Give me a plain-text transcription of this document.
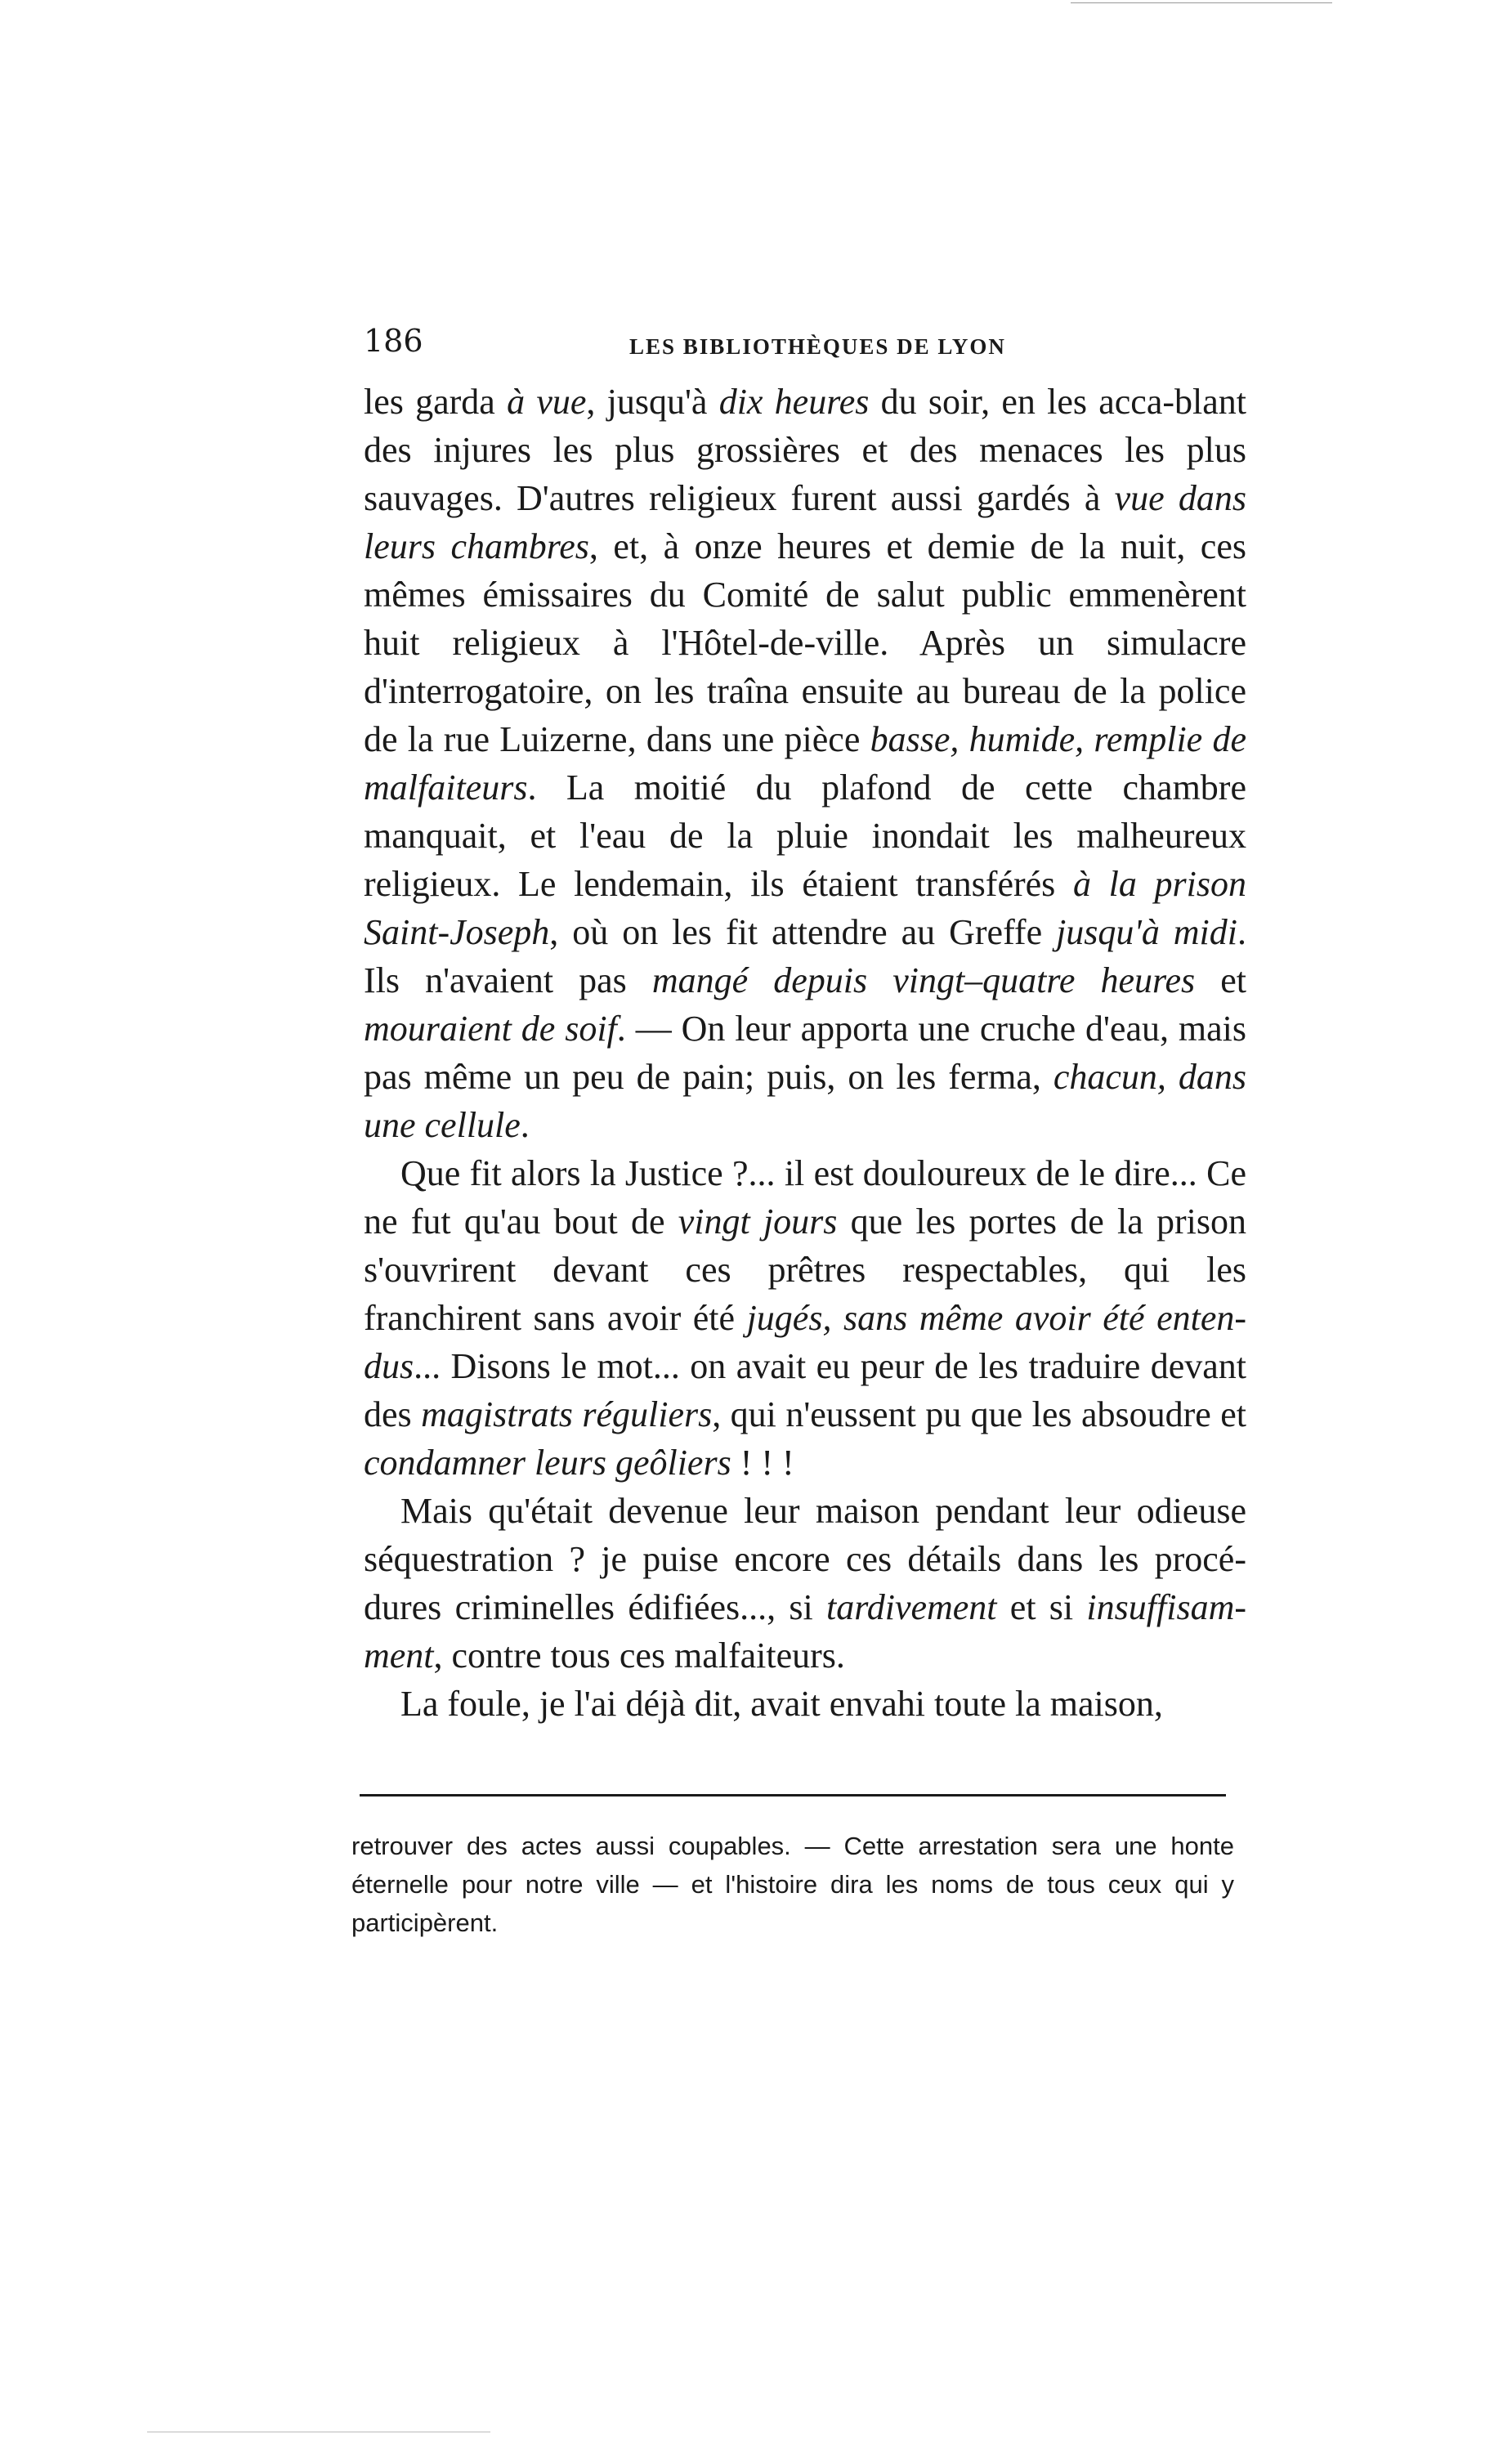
186	LES BIBLIOTHÈQUES DE LYON

les garda à vue, jusqu'à dix heures du soir, en les acca-blant des injures les plus grossières et des menaces les plus sauvages. D'autres religieux furent aussi gardés à vue dans leurs chambres, et, à onze heures et demie de la nuit, ces mêmes émissaires du Comité de salut public emmenèrent huit religieux à l'Hôtel-de-ville. Après un simulacre d'interrogatoire, on les traîna ensuite au bureau de la police de la rue Luizerne, dans une pièce basse, humide, remplie de malfaiteurs. La moitié du plafond de cette chambre manquait, et l'eau de la pluie inondait les malheureux religieux. Le lendemain, ils étaient transférés à la prison Saint-Joseph, où on les fit attendre au Greffe jusqu'à midi. Ils n'avaient pas mangé depuis vingt–quatre heures et mouraient de soif. — On leur apporta une cruche d'eau, mais pas même un peu de pain; puis, on les ferma, chacun, dans une cellule.

Que fit alors la Justice ?... il est douloureux de le dire... Ce ne fut qu'au bout de vingt jours que les portes de la prison s'ouvrirent devant ces prêtres respectables, qui les franchirent sans avoir été jugés, sans même avoir été enten-dus... Disons le mot... on avait eu peur de les traduire devant des magistrats réguliers, qui n'eussent pu que les absoudre et condamner leurs geôliers ! ! !

Mais qu'était devenue leur maison pendant leur odieuse séquestration ? je puise encore ces détails dans les procé-dures criminelles édifiées..., si tardivement et si insuffisam-ment, contre tous ces malfaiteurs.

La foule, je l'ai déjà dit, avait envahi toute la maison,

retrouver des actes aussi coupables. — Cette arrestation sera une honte éternelle pour notre ville — et l'histoire dira les noms de tous ceux qui y participèrent.
